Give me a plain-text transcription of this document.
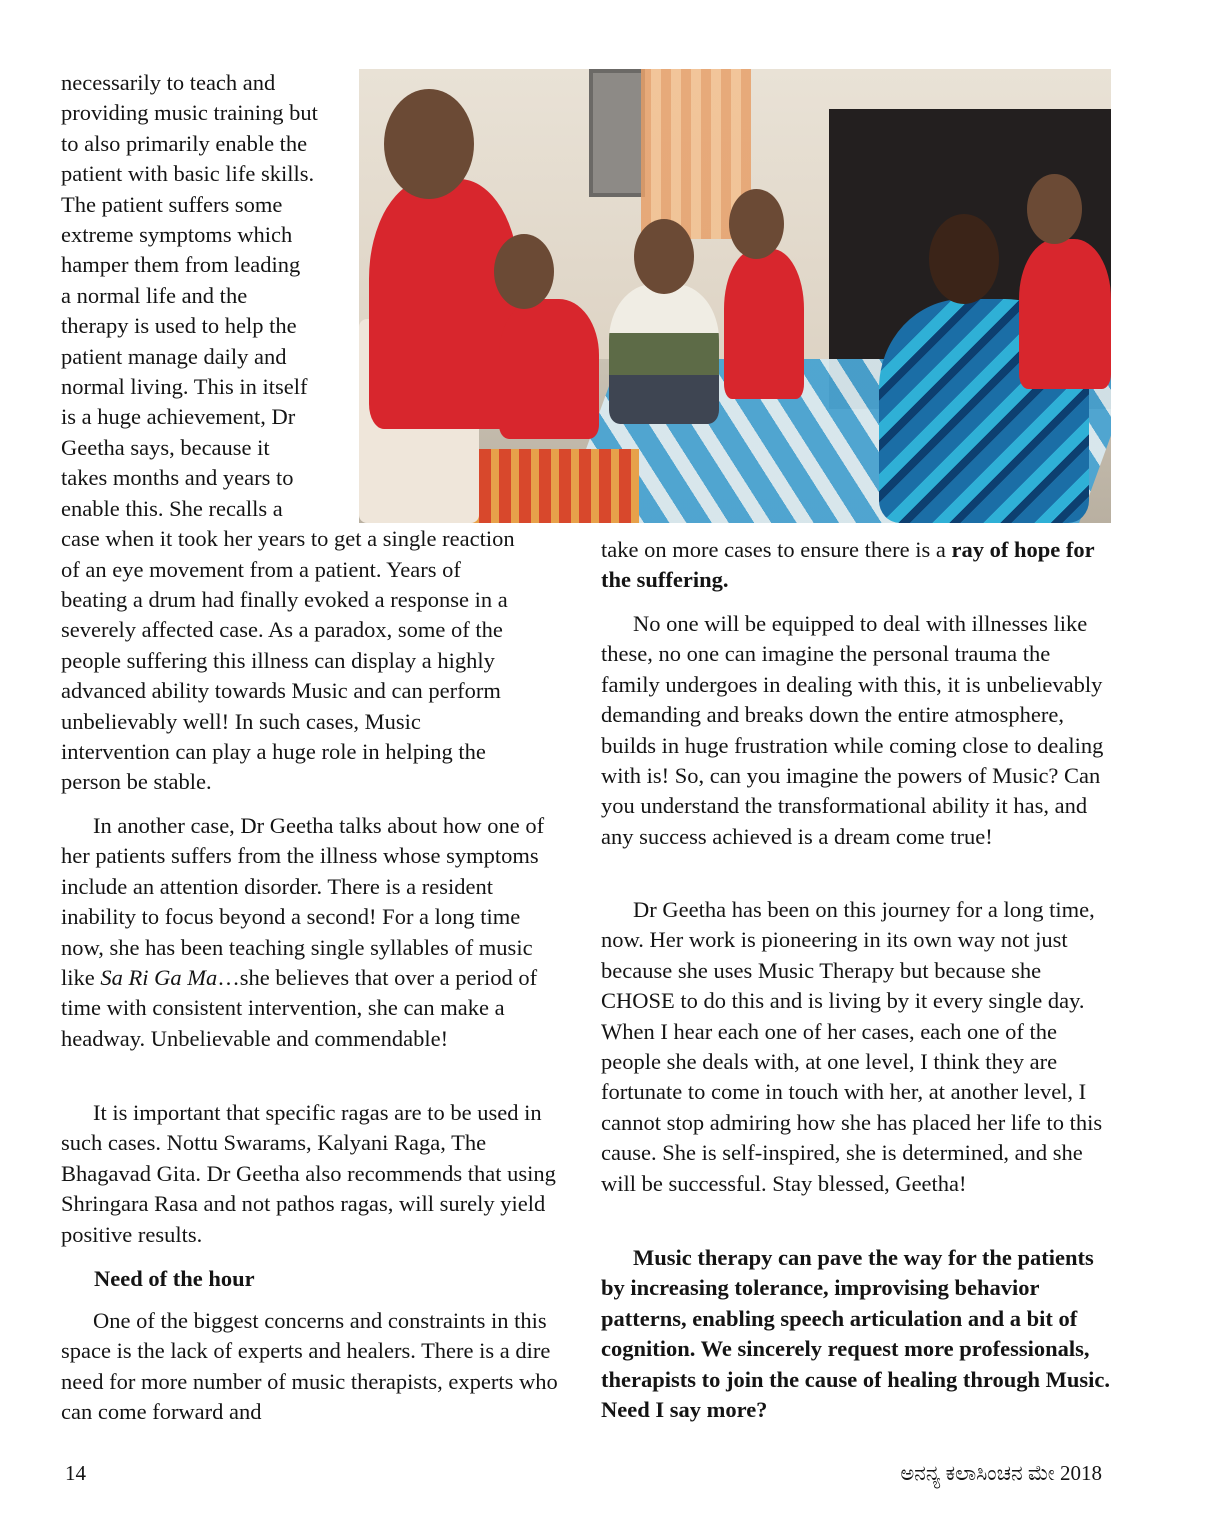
necessarily to teach and
providing music training but
to also primarily enable the
patient with basic life skills.
The patient suffers some
extreme symptoms which
hamper them from leading
a normal life and the
therapy is used to help the
patient manage daily and
normal living. This in itself
is a huge achievement, Dr
Geetha says, because it
takes months and years to
enable this. She recalls a
case when it took her years to get a single reaction
of an eye movement from a patient. Years of
beating a drum had finally evoked a response in a
severely affected case. As a paradox, some of the
people suffering this illness can display a highly
advanced ability towards Music and can perform
unbelievably well! In such cases, Music
intervention can play a huge role in helping the
person be stable.

In another case, Dr Geetha talks about how one of her patients suffers from the illness whose symptoms include an attention disorder. There is a resident inability to focus beyond a second! For a long time now, she has been teaching single syllables of music like Sa Ri Ga Ma…she believes that over a period of time with consistent intervention, she can make a headway. Unbelievable and commendable!

It is important that specific ragas are to be used in such cases. Nottu Swarams, Kalyani Raga, The Bhagavad Gita. Dr Geetha also recommends that using Shringara Rasa and not pathos ragas, will surely yield positive results.

Need of the hour

One of the biggest concerns and constraints in this space is the lack of experts and healers. There is a dire need for more number of music therapists, experts who can come forward and

take on more cases to ensure there is a ray of hope for the suffering.

No one will be equipped to deal with illnesses like these, no one can imagine the personal trauma the family undergoes in dealing with this, it is unbelievably demanding and breaks down the entire atmosphere, builds in huge frustration while coming close to dealing with is! So, can you imagine the powers of Music? Can you understand the transformational ability it has, and any success achieved is a dream come true!

Dr Geetha has been on this journey for a long time, now. Her work is pioneering in its own way not just because she uses Music Therapy but because she CHOSE to do this and is living by it every single day. When I hear each one of her cases, each one of the people she deals with, at one level, I think they are fortunate to come in touch with her, at another level, I cannot stop admiring how she has placed her life to this cause. She is self-inspired, she is determined, and she will be successful. Stay blessed, Geetha!

Music therapy can pave the way for the patients by increasing tolerance, improvising behavior patterns, enabling speech articulation and a bit of cognition. We sincerely request more professionals, therapists to join the cause of healing through Music. Need I say more?

14	ಅನನ್ಯ ಕಲಾಸಿಂಚನ ಮೇ 2018
